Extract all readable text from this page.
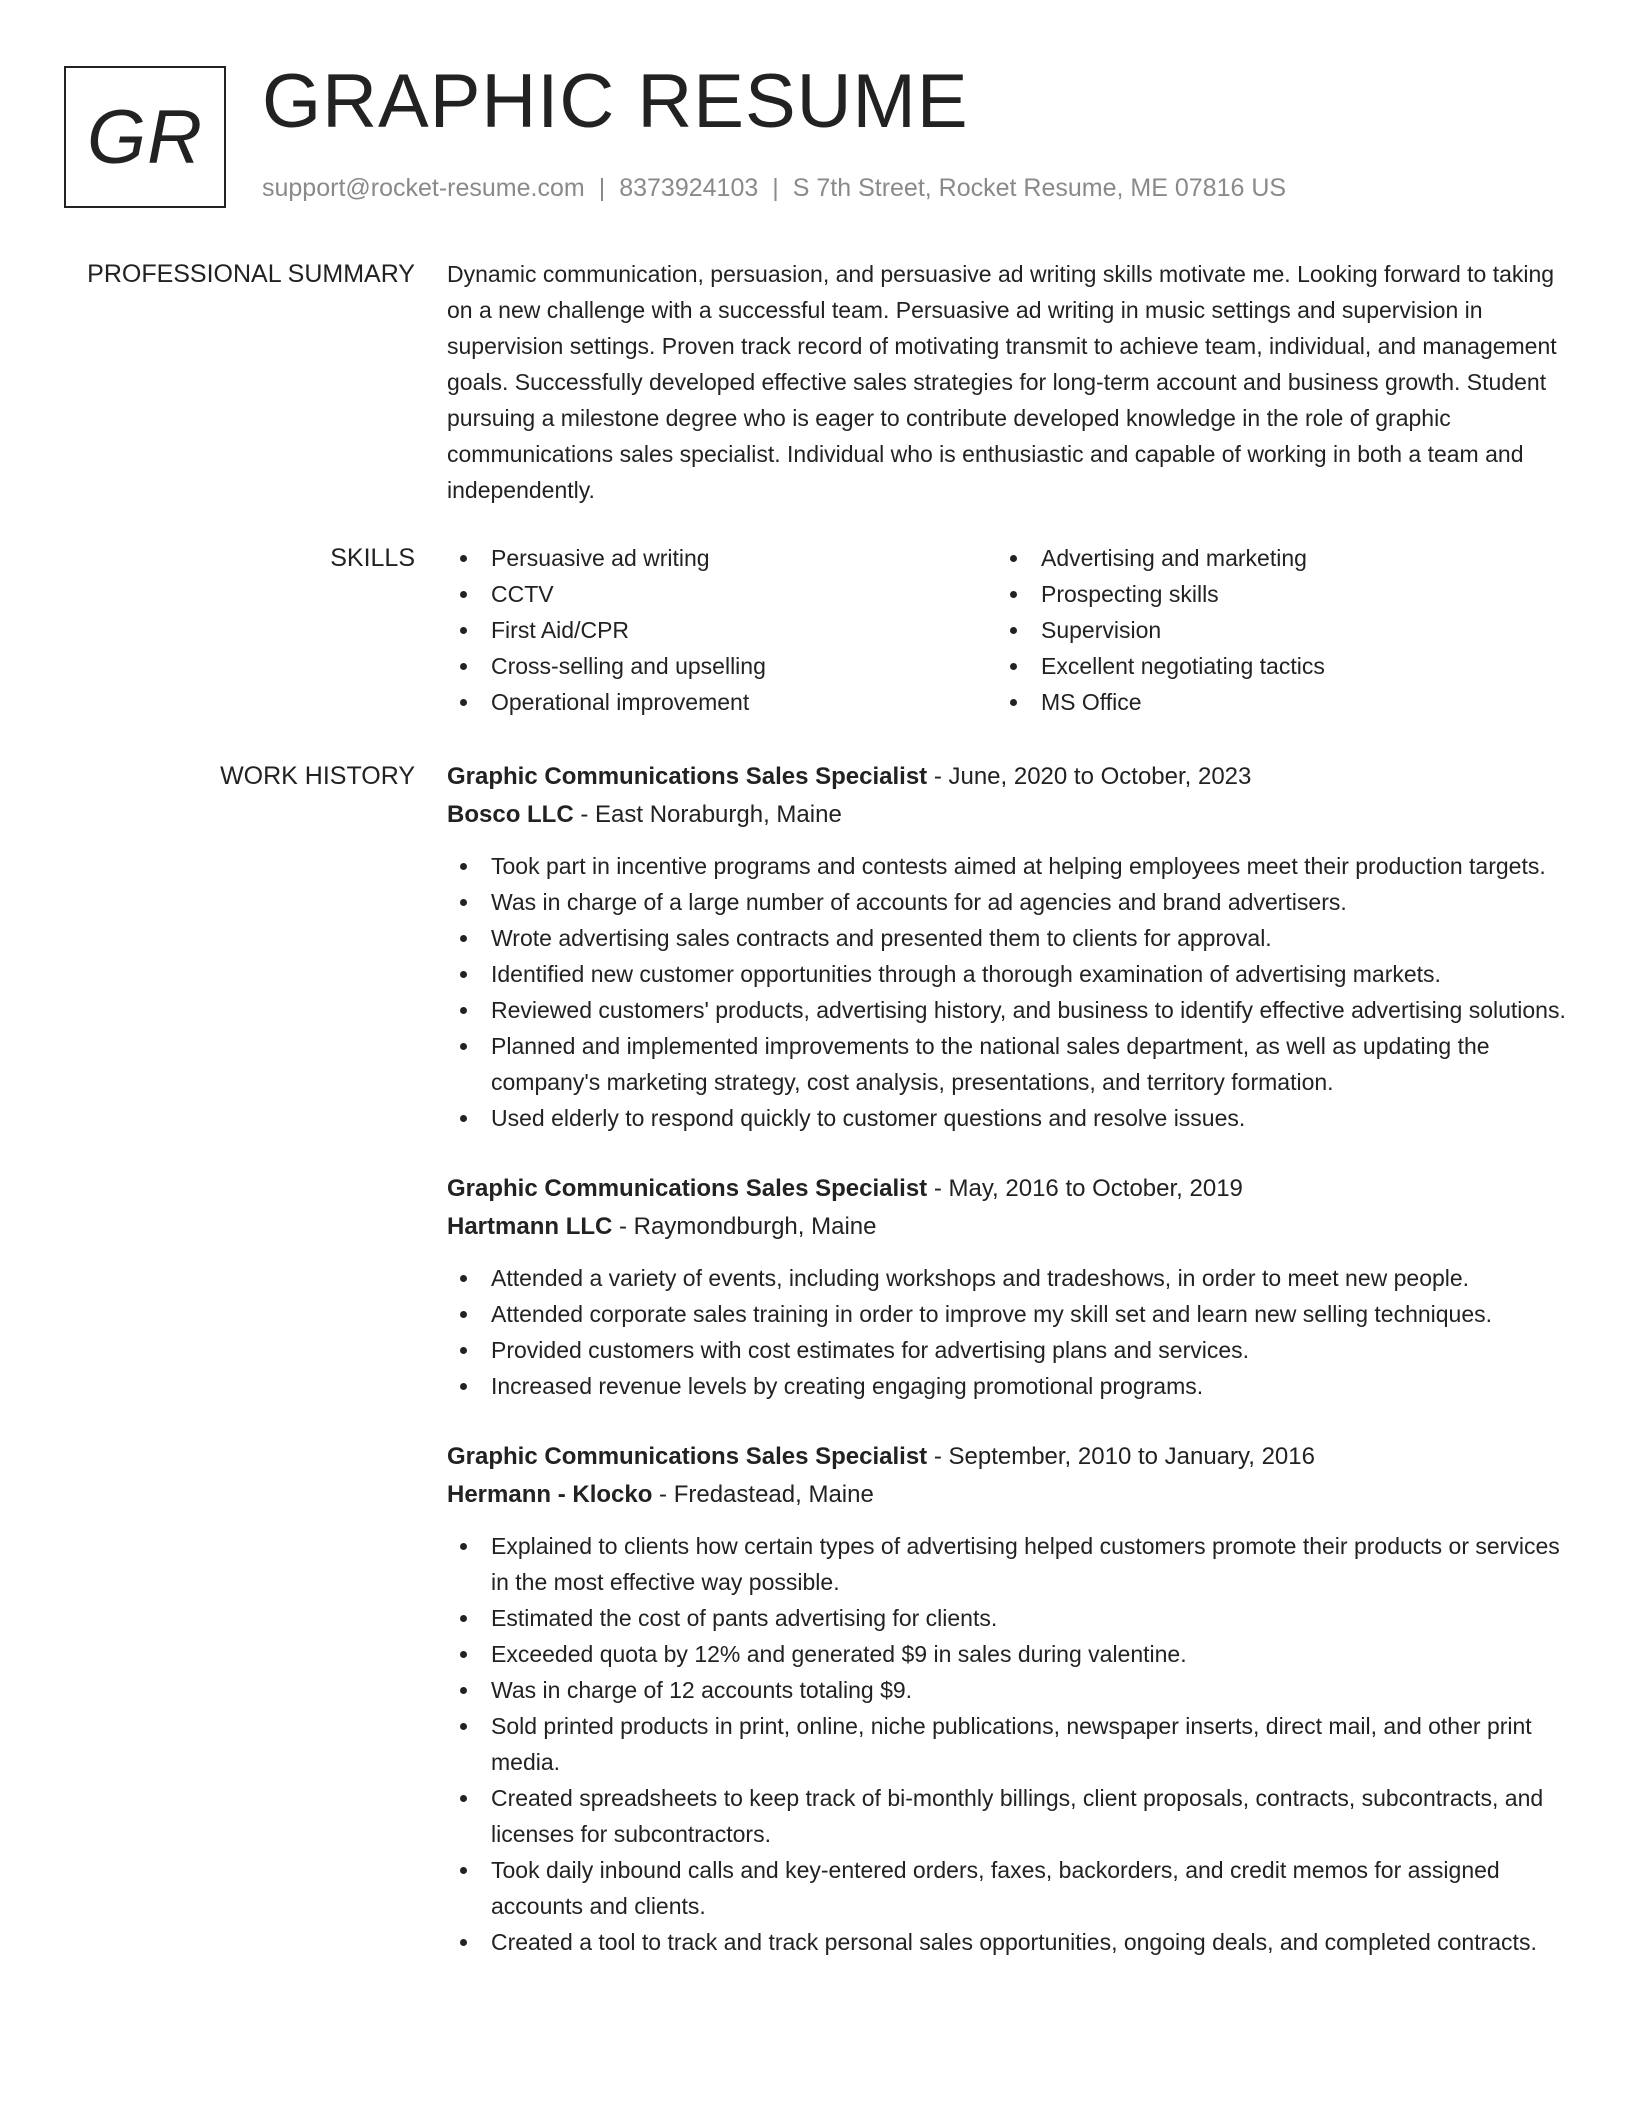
GR GRAPHIC RESUME
support@rocket-resume.com | 8373924103 | S 7th Street, Rocket Resume, ME 07816 US
PROFESSIONAL SUMMARY Dynamic communication, persuasion, and persuasive ad writing skills motivate me. Looking forward to taking on a new challenge with a successful team. Persuasive ad writing in music settings and supervision in supervision settings. Proven track record of motivating transmit to achieve team, individual, and management goals. Successfully developed effective sales strategies for long-term account and business growth. Student pursuing a milestone degree who is eager to contribute developed knowledge in the role of graphic communications sales specialist. Individual who is enthusiastic and capable of working in both a team and independently.

SKILLS	Persuasive ad writing
CCTV
First Aid/CPR
Cross-selling and upselling
Operational improvement
Advertising and marketing
Prospecting skills
Supervision
Excellent negotiating tactics
MS Office
WORK HISTORY Graphic Communications Sales Specialist - June, 2020 to October, 2023
Bosco LLC - East Noraburgh, Maine
Took part in incentive programs and contests aimed at helping employees meet their production targets.
Was in charge of a large number of accounts for ad agencies and brand advertisers.
Wrote advertising sales contracts and presented them to clients for approval.
Identified new customer opportunities through a thorough examination of advertising markets.
Reviewed customers' products, advertising history, and business to identify effective advertising solutions.
Planned and implemented improvements to the national sales department, as well as updating the company's marketing strategy, cost analysis, presentations, and territory formation.
Used elderly to respond quickly to customer questions and resolve issues.
Graphic Communications Sales Specialist - May, 2016 to October, 2019
Hartmann LLC - Raymondburgh, Maine
Attended a variety of events, including workshops and tradeshows, in order to meet new people.
Attended corporate sales training in order to improve my skill set and learn new selling techniques.
Provided customers with cost estimates for advertising plans and services.
Increased revenue levels by creating engaging promotional programs.
Graphic Communications Sales Specialist - September, 2010 to January, 2016
Hermann - Klocko - Fredastead, Maine
Explained to clients how certain types of advertising helped customers promote their products or services in the most effective way possible.
Estimated the cost of pants advertising for clients.
Exceeded quota by 12% and generated $9 in sales during valentine.
Was in charge of 12 accounts totaling $9.
Sold printed products in print, online, niche publications, newspaper inserts, direct mail, and other print media.
Created spreadsheets to keep track of bi-monthly billings, client proposals, contracts, subcontracts, and licenses for subcontractors.
Took daily inbound calls and key-entered orders, faxes, backorders, and credit memos for assigned accounts and clients.
Created a tool to track and track personal sales opportunities, ongoing deals, and completed contracts.
